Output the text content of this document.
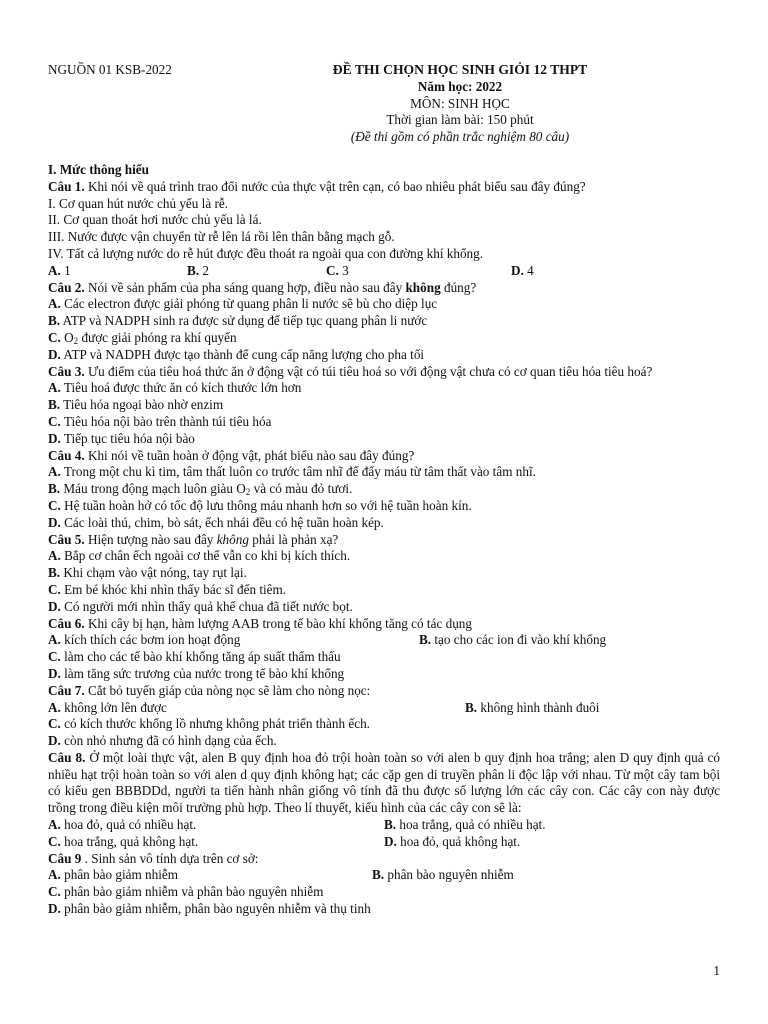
NGUỒN 01 KSB-2022	ĐỀ THI CHỌN HỌC SINH GIỎI 12 THPT
Năm học: 2022
MÔN: SINH HỌC
Thời gian làm bài: 150 phút
(Đề thi gồm có phần trắc nghiệm 80 câu)
I. Mức thông hiểu
Câu 1. Khi nói về quá trình trao đổi nước của thực vật trên cạn, có bao nhiêu phát biểu sau đây đúng?
I. Cơ quan hút nước chủ yếu là rễ.
II. Cơ quan thoát hơi nước chủ yếu là lá.
III. Nước được vận chuyển từ rễ lên lá rồi lên thân bằng mạch gỗ.
IV. Tất cả lượng nước do rễ hút được đều thoát ra ngoài qua con đường khí khổng.
A. 1	B. 2	C. 3	D. 4
Câu 2. Nói về sản phẩm của pha sáng quang hợp, điều nào sau đây không đúng?
A. Các electron được giải phóng từ quang phân li nước sẽ bù cho diệp lục
B. ATP và NADPH sinh ra được sử dụng để tiếp tục quang phân li nước
C. $O_2$ được giải phóng ra khí quyển
D. ATP và NADPH được tạo thành để cung cấp năng lượng cho pha tối
Câu 3. Ưu điểm của tiêu hoá thức ăn ở động vật có túi tiêu hoá so với động vật chưa có cơ quan tiêu hóa tiêu hoá?
A. Tiêu hoá được thức ăn có kích thước lớn hơn
B. Tiêu hóa ngoại bào nhờ enzim
C. Tiêu hóa nội bào trên thành túi tiêu hóa
D. Tiếp tục tiêu hóa nội bào
Câu 4. Khi nói về tuần hoàn ở động vật, phát biểu nào sau đây đúng?
A. Trong một chu kì tim, tâm thất luôn co trước tâm nhĩ để đẩy máu từ tâm thất vào tâm nhĩ.
B. Máu trong động mạch luôn giàu $O_2$ và có màu đỏ tươi.
C. Hệ tuần hoàn hở có tốc độ lưu thông máu nhanh hơn so với hệ tuần hoàn kín.
D. Các loài thú, chim, bò sát, ếch nhái đều có hệ tuần hoàn kép.
Câu 5. Hiện tượng nào sau đây không phải là phản xạ?
A. Bắp cơ chân ếch ngoài cơ thể vẫn co khi bị kích thích.
B. Khi chạm vào vật nóng, tay rụt lại.
C. Em bé khóc khi nhìn thấy bác sĩ đến tiêm.
D. Có người mới nhìn thấy quả khế chua đã tiết nước bọt.
Câu 6. Khi cây bị hạn, hàm lượng AAB trong tế bào khí khổng tăng có tác dụng
A. kích thích các bơm ion hoạt động	B. tạo cho các ion đi vào khí khổng
C. làm cho các tế bào khí khổng tăng áp suất thẩm thấu
D. làm tăng sức trương của nước trong tế bào khí khổng
Câu 7. Cắt bỏ tuyến giáp của nòng nọc sẽ làm cho nòng nọc:
A. không lớn lên được	B. không hình thành đuôi
C. có kích thước khổng lồ nhưng không phát triển thành ếch.
D. còn nhỏ nhưng đã có hình dạng của ếch.
Câu 8. Ở một loài thực vật, alen B quy định hoa đỏ trội hoàn toàn so với alen b quy định hoa trắng; alen D quy định quả có nhiều hạt trội hoàn toàn so với alen d quy định không hạt; các cặp gen di truyền phân li độc lập với nhau. Từ một cây tam bội có kiểu gen BBBDDd, người ta tiến hành nhân giống vô tính đã thu được số lượng lớn các cây con. Các cây con này được trồng trong điều kiện môi trường phù hợp. Theo lí thuyết, kiểu hình của các cây con sẽ là:
A. hoa đỏ, quả có nhiều hạt.	B. hoa trắng, quả có nhiều hạt.
C. hoa trắng, quả không hạt.	D. hoa đỏ, quả không hạt.
Câu 9 . Sinh sản vô tính dựa trên cơ sở:
A. phân bào giảm nhiễm	B. phân bào nguyên nhiễm
C. phân bào giảm nhiễm và phân bào nguyên nhiễm
D. phân bào giảm nhiễm, phân bào nguyên nhiễm và thụ tinh
1
